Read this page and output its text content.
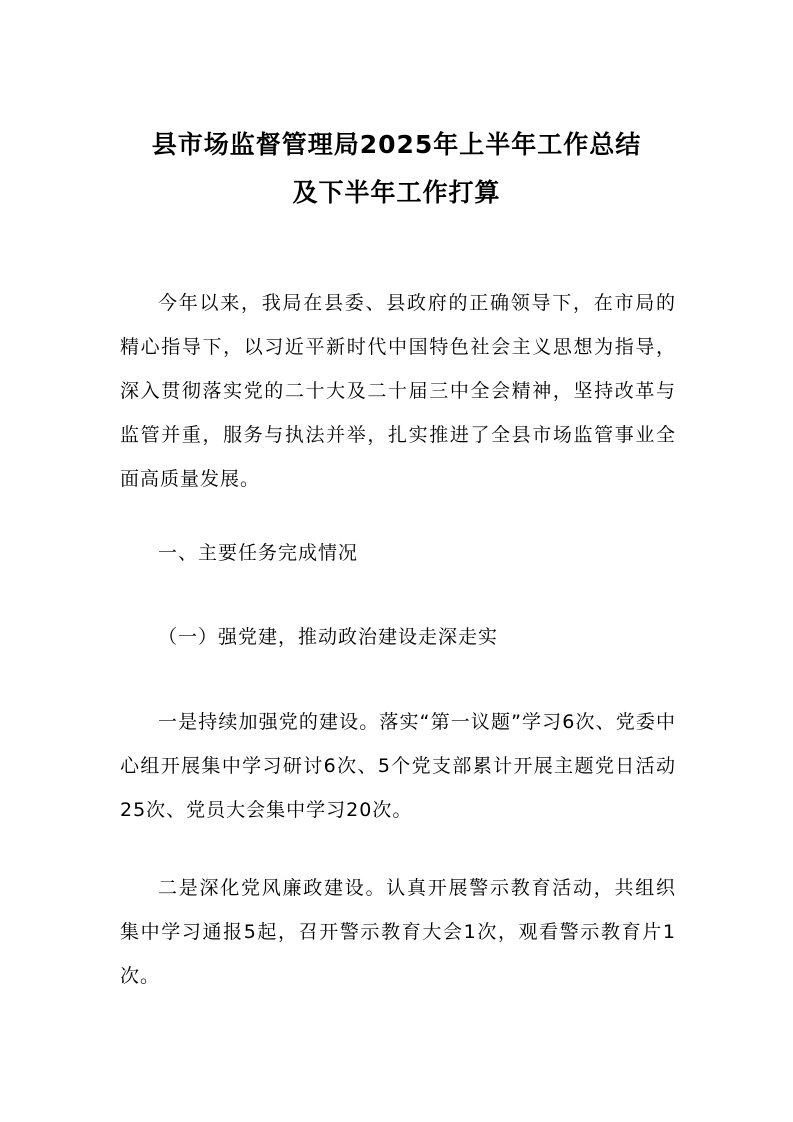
县市场监督管理局2025年上半年工作总结
及下半年工作打算

今年以来，我局在县委、县政府的正确领导下，在市局的精心指导下，以习近平新时代中国特色社会主义思想为指导，深入贯彻落实党的二十大及二十届三中全会精神，坚持改革与监管并重，服务与执法并举，扎实推进了全县市场监管事业全面高质量发展。

一、主要任务完成情况

（一）强党建，推动政治建设走深走实

一是持续加强党的建设。落实“第一议题”学习6次、党委中心组开展集中学习研讨6次、5个党支部累计开展主题党日活动25次、党员大会集中学习20次。

二是深化党风廉政建设。认真开展警示教育活动，共组织集中学习通报5起，召开警示教育大会1次，观看警示教育片1次。
